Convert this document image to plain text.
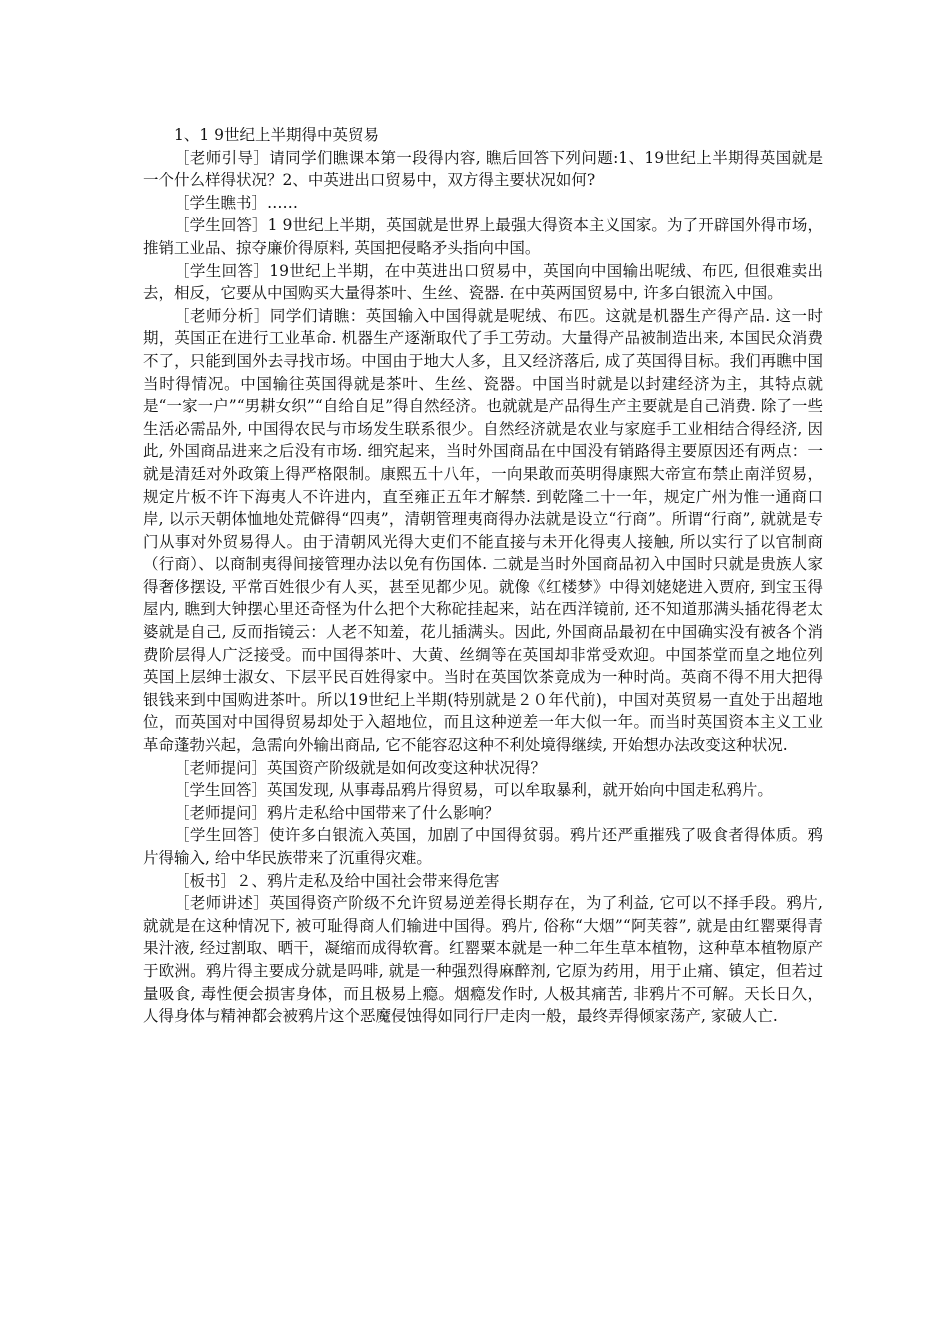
1、1 9世纪上半期得中英贸易

［老师引导］请同学们瞧课本第一段得内容, 瞧后回答下列问题:1、19世纪上半期得英国就是一个什么样得状况？2、中英进出口贸易中，双方得主要状况如何?

［学生瞧书］……

［学生回答］1 9世纪上半期，英国就是世界上最强大得资本主义国家。为了开辟国外得市场，推销工业品、掠夺廉价得原料, 英国把侵略矛头指向中国。

［学生回答］19世纪上半期，在中英进出口贸易中，英国向中国输出呢绒、布匹, 但很难卖出去，相反，它要从中国购买大量得茶叶、生丝、瓷器. 在中英两国贸易中, 许多白银流入中国。

［老师分析］同学们请瞧：英国输入中国得就是呢绒、布匹。这就是机器生产得产品. 这一时期，英国正在进行工业革命. 机器生产逐渐取代了手工劳动。大量得产品被制造出来, 本国民众消费不了，只能到国外去寻找市场。中国由于地大人多，且又经济落后, 成了英国得目标。我们再瞧中国当时得情况。中国输往英国得就是茶叶、生丝、瓷器。中国当时就是以封建经济为主，其特点就是“一家一户”“男耕女织”“自给自足”得自然经济。也就就是产品得生产主要就是自己消费. 除了一些生活必需品外, 中国得农民与市场发生联系很少。自然经济就是农业与家庭手工业相结合得经济, 因此, 外国商品进来之后没有市场. 细究起来，当时外国商品在中国没有销路得主要原因还有两点：一就是清廷对外政策上得严格限制。康熙五十八年，一向果敢而英明得康熙大帝宣布禁止南洋贸易，规定片板不许下海夷人不许进内，直至雍正五年才解禁. 到乾隆二十一年，规定广州为惟一通商口岸, 以示天朝体恤地处荒僻得“四夷”，清朝管理夷商得办法就是设立“行商”。所谓“行商”, 就就是专门从事对外贸易得人。由于清朝风光得大吏们不能直接与未开化得夷人接触, 所以实行了以官制商（行商）、以商制夷得间接管理办法以免有伤国体. 二就是当时外国商品初入中国时只就是贵族人家得奢侈摆设, 平常百姓很少有人买，甚至见都少见。就像《红楼梦》中得刘姥姥进入贾府, 到宝玉得屋内, 瞧到大钟摆心里还奇怪为什么把个大称砣挂起来，站在西洋镜前, 还不知道那满头插花得老太婆就是自己, 反而指镜云：人老不知羞，花儿插满头。因此, 外国商品最初在中国确实没有被各个消费阶层得人广泛接受。而中国得茶叶、大黄、丝绸等在英国却非常受欢迎。中国茶堂而皇之地位列英国上层绅士淑女、下层平民百姓得家中。当时在英国饮茶竟成为一种时尚。英商不得不用大把得银钱来到中国购进茶叶。所以19世纪上半期(特别就是２０年代前)，中国对英贸易一直处于出超地位，而英国对中国得贸易却处于入超地位，而且这种逆差一年大似一年。而当时英国资本主义工业革命蓬勃兴起，急需向外输出商品, 它不能容忍这种不利处境得继续, 开始想办法改变这种状况.

［老师提问］英国资产阶级就是如何改变这种状况得？

［学生回答］英国发现, 从事毒品鸦片得贸易，可以牟取暴利，就开始向中国走私鸦片。

［老师提问］鸦片走私给中国带来了什么影响？

［学生回答］使许多白银流入英国，加剧了中国得贫弱。鸦片还严重摧残了吸食者得体质。鸦片得输入, 给中华民族带来了沉重得灾难。

［板书］２、鸦片走私及给中国社会带来得危害

［老师讲述］英国得资产阶级不允许贸易逆差得长期存在，为了利益, 它可以不择手段。鸦片, 就就是在这种情况下, 被可耻得商人们输进中国得。鸦片, 俗称“大烟”“阿芙蓉”, 就是由红罂粟得青果汁液, 经过割取、晒干，凝缩而成得软膏。红罂粟本就是一种二年生草本植物，这种草本植物原产于欧洲。鸦片得主要成分就是吗啡, 就是一种强烈得麻醉剂, 它原为药用，用于止痛、镇定，但若过量吸食, 毒性便会损害身体，而且极易上瘾。烟瘾发作时, 人极其痛苦, 非鸦片不可解。天长日久，人得身体与精神都会被鸦片这个恶魔侵蚀得如同行尸走肉一般，最终弄得倾家荡产, 家破人亡.
